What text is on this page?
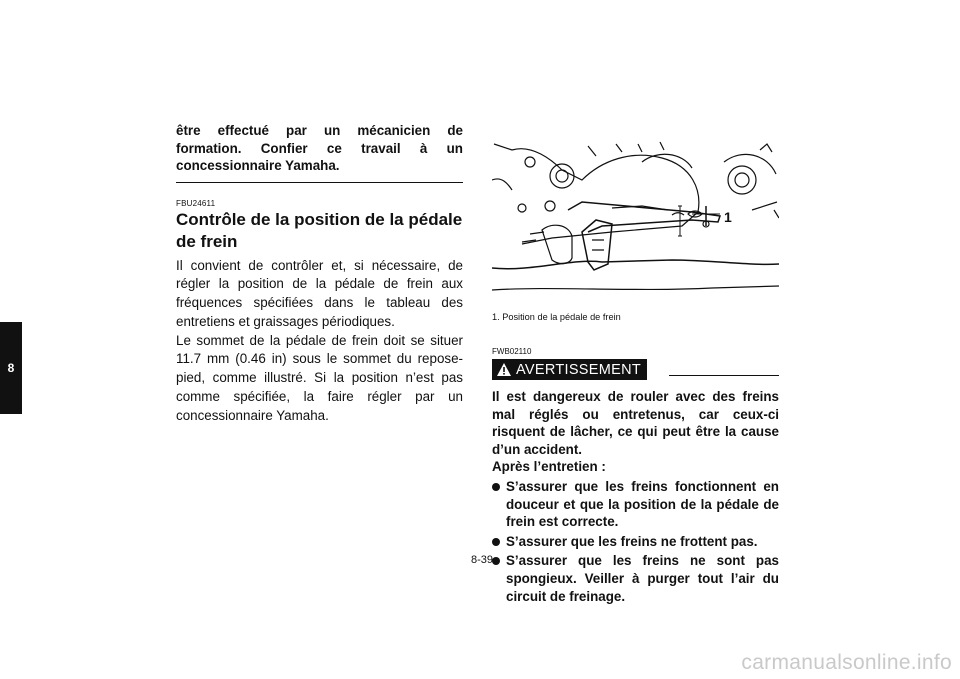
8

être effectué par un mécanicien de formation. Confier ce travail à un concessionnaire Yamaha.

FBU24611
Contrôle de la position de la pédale de frein

Il convient de contrôler et, si nécessaire, de régler la position de la pédale de frein aux fréquences spécifiées dans le tableau des entretiens et graissages périodiques.

Le sommet de la pédale de frein doit se situer 11.7 mm (0.46 in) sous le sommet du repose-pied, comme illustré. Si la position n’est pas comme spécifiée, la faire régler par un concessionnaire Yamaha.

1
1. Position de la pédale de frein
FWB02110
AVERTISSEMENT

Il est dangereux de rouler avec des freins mal réglés ou entretenus, car ceux-ci risquent de lâcher, ce qui peut être la cause d’un accident.

Après l’entretien :

S’assurer que les freins fonctionnent en douceur et que la position de la pédale de frein est correcte.
S’assurer que les freins ne frottent pas.
S’assurer que les freins ne sont pas spongieux. Veiller à purger tout l’air du circuit de freinage.
8-39
carmanualsonline.info
